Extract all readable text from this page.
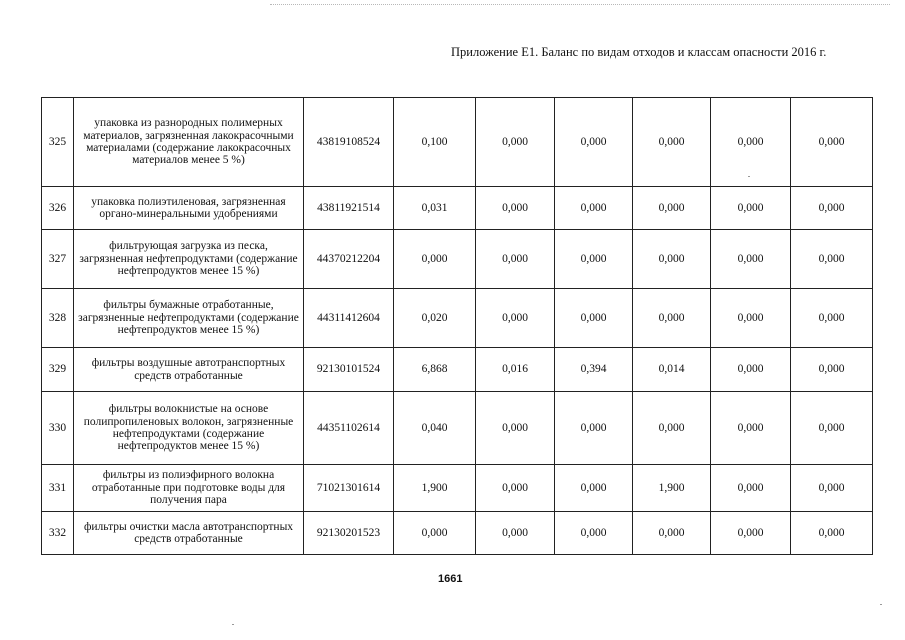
Приложение Е1. Баланс по видам отходов и классам опасности 2016 г.
325	упаковка из разнородных полимерных материалов, загрязненная лакокрасочными материалами (содержание лакокрасочных материалов менее 5 %)	43819108524	0,100	0,000	0,000	0,000	0,000	0,000
326	упаковка полиэтиленовая, загрязненная органо-минеральными удобрениями	43811921514	0,031	0,000	0,000	0,000	0,000	0,000
327	фильтрующая загрузка из песка, загрязненная нефтепродуктами (содержание нефтепродуктов менее 15 %)	44370212204	0,000	0,000	0,000	0,000	0,000	0,000
328	фильтры бумажные отработанные, загрязненные нефтепродуктами (содержание нефтепродуктов менее 15 %)	44311412604	0,020	0,000	0,000	0,000	0,000	0,000
329	фильтры воздушные автотранспортных средств отработанные	92130101524	6,868	0,016	0,394	0,014	0,000	0,000
330	фильтры волокнистые на основе полипропиленовых волокон, загрязненные нефтепродуктами (содержание нефтепродуктов менее 15 %)	44351102614	0,040	0,000	0,000	0,000	0,000	0,000
331	фильтры из полиэфирного волокна отработанные при подготовке воды для получения пара	71021301614	1,900	0,000	0,000	1,900	0,000	0,000
332	фильтры очистки масла автотранспортных средств отработанные	92130201523	0,000	0,000	0,000	0,000	0,000	0,000
1661
